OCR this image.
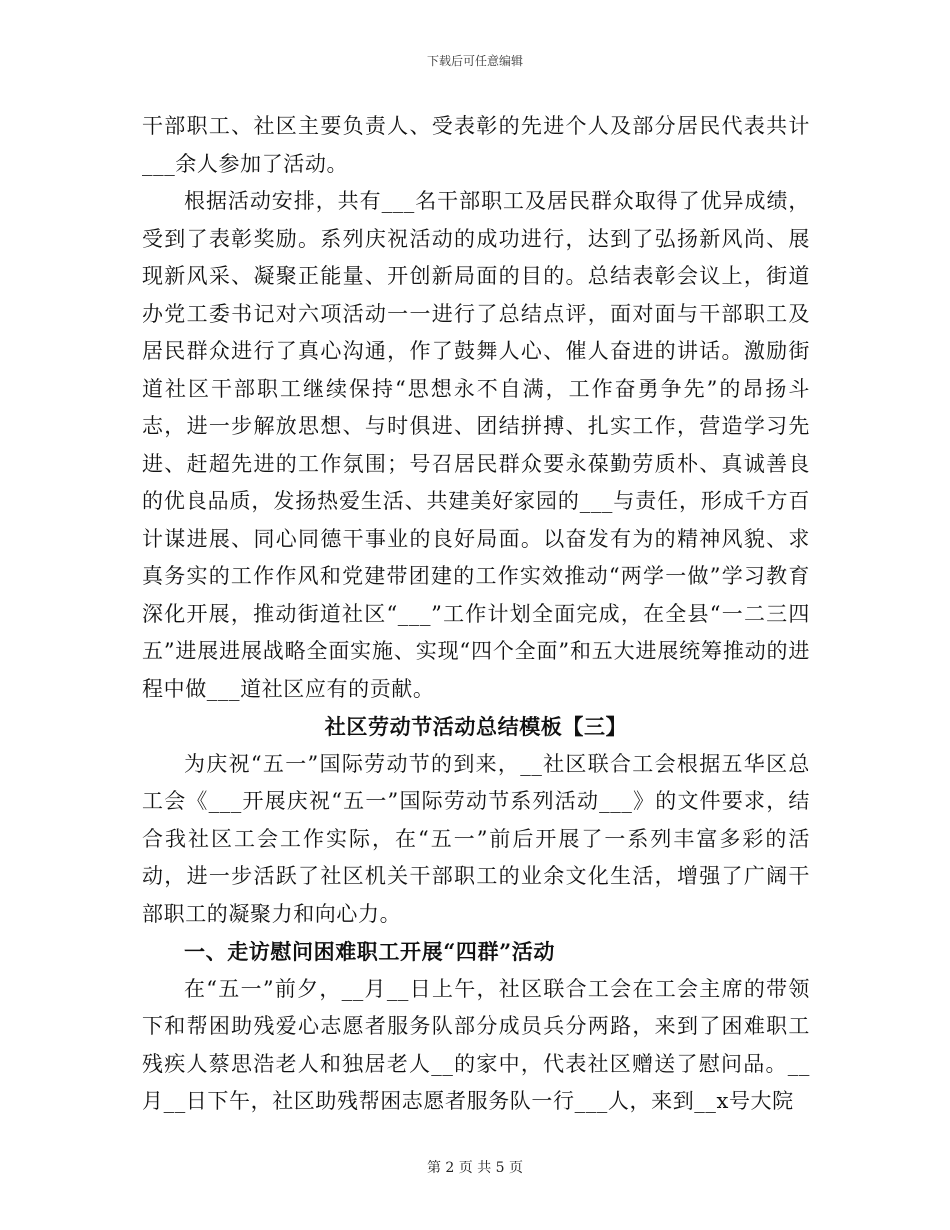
下载后可任意编辑

干部职工、社区主要负责人、受表彰的先进个人及部分居民代表共计___余人参加了活动。

根据活动安排，共有___名干部职工及居民群众取得了优异成绩，受到了表彰奖励。系列庆祝活动的成功进行，达到了弘扬新风尚、展现新风采、凝聚正能量、开创新局面的目的。总结表彰会议上，街道办党工委书记对六项活动一一进行了总结点评，面对面与干部职工及居民群众进行了真心沟通，作了鼓舞人心、催人奋进的讲话。激励街道社区干部职工继续保持“思想永不自满，工作奋勇争先”的昂扬斗志，进一步解放思想、与时俱进、团结拼搏、扎实工作，营造学习先进、赶超先进的工作氛围；号召居民群众要永葆勤劳质朴、真诚善良的优良品质，发扬热爱生活、共建美好家园的___与责任，形成千方百计谋进展、同心同德干事业的良好局面。以奋发有为的精神风貌、求真务实的工作作风和党建带团建的工作实效推动“两学一做”学习教育深化开展，推动街道社区“___”工作计划全面完成，在全县“一二三四五”进展进展战略全面实施、实现“四个全面”和五大进展统筹推动的进程中做___道社区应有的贡献。

社区劳动节活动总结模板【三】

为庆祝“五一”国际劳动节的到来，__社区联合工会根据五华区总工会《___开展庆祝“五一”国际劳动节系列活动___》的文件要求，结合我社区工会工作实际，在“五一”前后开展了一系列丰富多彩的活动，进一步活跃了社区机关干部职工的业余文化生活，增强了广阔干部职工的凝聚力和向心力。

一、走访慰问困难职工开展“四群”活动

在“五一”前夕，__月__日上午，社区联合工会在工会主席的带领下和帮困助残爱心志愿者服务队部分成员兵分两路，来到了困难职工残疾人蔡思浩老人和独居老人__的家中，代表社区赠送了慰问品。__月__日下午，社区助残帮困志愿者服务队一行___人，来到__x号大院

第 2 页 共 5 页
